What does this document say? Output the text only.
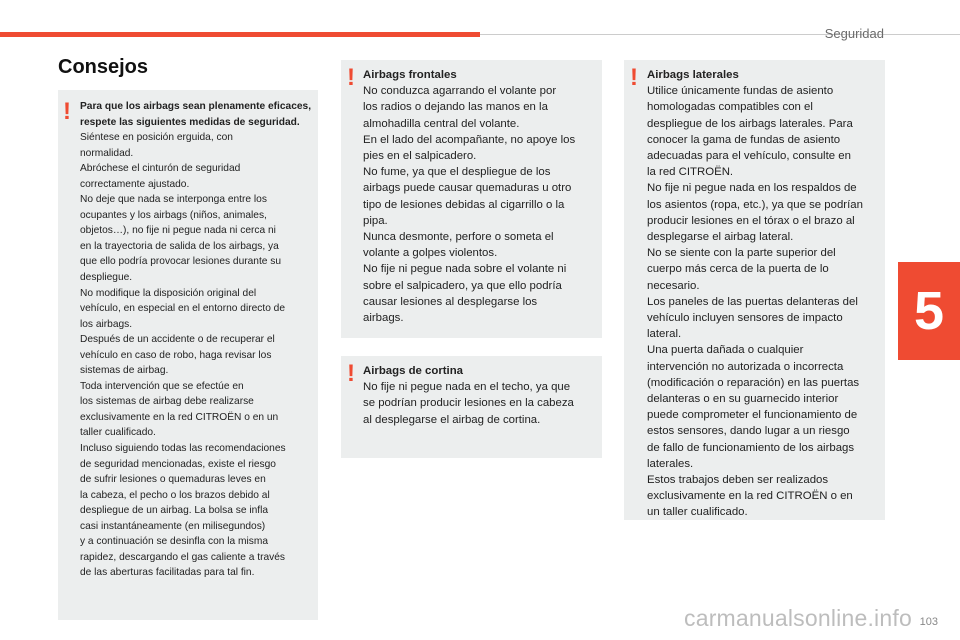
Seguridad
Consejos
5
! Para que los airbags sean plenamente eficaces, respete las siguientes medidas de seguridad.

Siéntese en posición erguida, con

normalidad.

Abróchese el cinturón de seguridad

correctamente ajustado.

No deje que nada se interponga entre los

ocupantes y los airbags (niños, animales,

objetos…), no fije ni pegue nada ni cerca ni

en la trayectoria de salida de los airbags, ya

que ello podría provocar lesiones durante su

despliegue.

No modifique la disposición original del

vehículo, en especial en el entorno directo de

los airbags.

Después de un accidente o de recuperar el

vehículo en caso de robo, haga revisar los

sistemas de airbag.

Toda intervención que se efectúe en

los sistemas de airbag debe realizarse

exclusivamente en la red CITROËN o en un

taller cualificado.

Incluso siguiendo todas las recomendaciones

de seguridad mencionadas, existe el riesgo

de sufrir lesiones o quemaduras leves en

la cabeza, el pecho o los brazos debido al

despliegue de un airbag. La bolsa se infla

casi instantáneamente (en milisegundos)

y a continuación se desinfla con la misma

rapidez, descargando el gas caliente a través

de las aberturas facilitadas para tal fin.

! Airbags frontales

No conduzca agarrando el volante por

los radios o dejando las manos en la

almohadilla central del volante.

En el lado del acompañante, no apoye los

pies en el salpicadero.

No fume, ya que el despliegue de los

airbags puede causar quemaduras u otro

tipo de lesiones debidas al cigarrillo o la

pipa.

Nunca desmonte, perfore o someta el

volante a golpes violentos.

No fije ni pegue nada sobre el volante ni

sobre el salpicadero, ya que ello podría

causar lesiones al desplegarse los

airbags.

! Airbags de cortina

No fije ni pegue nada en el techo, ya que

se podrían producir lesiones en la cabeza

al desplegarse el airbag de cortina.

! Airbags laterales

Utilice únicamente fundas de asiento

homologadas compatibles con el

despliegue de los airbags laterales. Para

conocer la gama de fundas de asiento

adecuadas para el vehículo, consulte en

la red CITROËN.

No fije ni pegue nada en los respaldos de

los asientos (ropa, etc.), ya que se podrían

producir lesiones en el tórax o el brazo al

desplegarse el airbag lateral.

No se siente con la parte superior del

cuerpo más cerca de la puerta de lo

necesario.

Los paneles de las puertas delanteras del

vehículo incluyen sensores de impacto

lateral.

Una puerta dañada o cualquier

intervención no autorizada o incorrecta

(modificación o reparación) en las puertas

delanteras o en su guarnecido interior

puede comprometer el funcionamiento de

estos sensores, dando lugar a un riesgo

de fallo de funcionamiento de los airbags

laterales.

Estos trabajos deben ser realizados

exclusivamente en la red CITROËN o en

un taller cualificado.

carmanualsonline.info 103
